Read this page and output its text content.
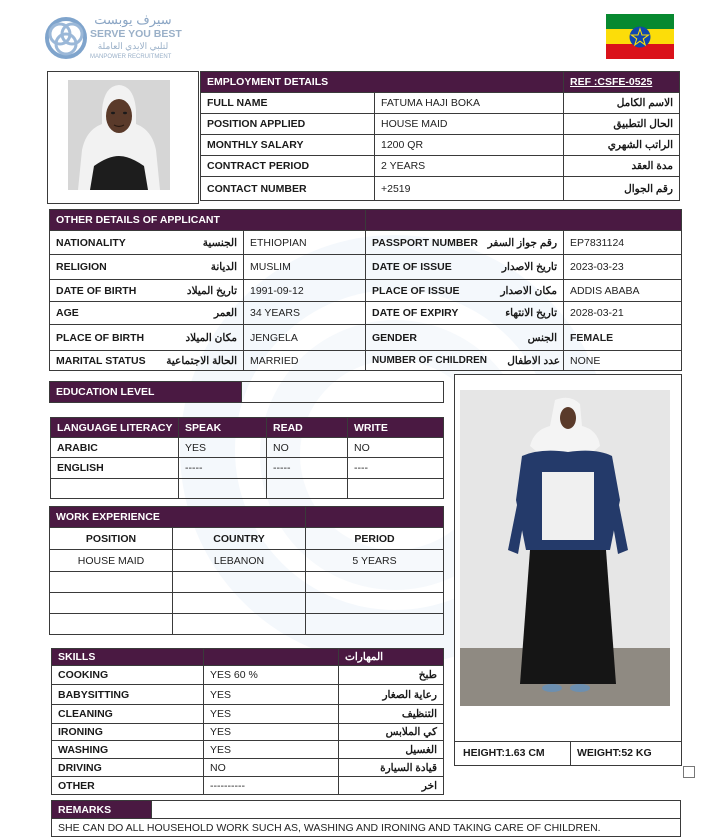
سيرف يوبست
SERVE YOU BEST
لتلبي الايدي العاملة
MANPOWER RECRUITMENT
EMPLOYMENT DETAILS		REF :CSFE-0525
FULL NAME	FATUMA HAJI BOKA	الاسم الكامل
POSITION APPLIED	HOUSE MAID	الحال التطبيق
MONTHLY SALARY	1200 QR	الراتب الشهري
CONTRACT PERIOD	2 YEARS	مدة العقد
CONTACT NUMBER	+2519	رقم الجوال
OTHER DETAILS OF APPLICANT			

NATIONALITY الجنسية	ETHIOPIAN	PASSPORT NUMBER رقم جواز السفر	EP7831124

RELIGION الديانة	MUSLIM	DATE OF ISSUE تاريخ الاصدار	2023-03-23

DATE OF BIRTH تاريخ الميلاد	1991-09-12	PLACE OF ISSUE مكان الاصدار	ADDIS ABABA

AGE العمر	34 YEARS	DATE OF EXPIRY تاريخ الانتهاء	2028-03-21

PLACE OF BIRTH مكان الميلاد	JENGELA	GENDER الجنس	FEMALE

MARITAL STATUS الحالة الاجتماعية	MARRIED	NUMBER OF CHILDREN عدد الاطفال	NONE
EDUCATION LEVEL	
LANGUAGE LITERACY	SPEAK	READ	WRITE
ARABIC	YES	NO	NO
ENGLISH	-----	-----	----

WORK EXPERIENCE		
POSITION	COUNTRY	PERIOD
HOUSE MAID	LEBANON	5 YEARS

SKILLS		المهارات
COOKING	YES 60 %	طبخ
BABYSITTING	YES	رعاية الصغار
CLEANING	YES	التنظيف
IRONING	YES	كي الملابس
WASHING	YES	الغسيل
DRIVING	NO	قيادة السيارة
OTHER	----------	اخر
HEIGHT:1.63 CM	WEIGHT:52 KG
REMARKS	
SHE CAN DO ALL HOUSEHOLD WORK SUCH AS, WASHING AND IRONING AND TAKING CARE OF CHILDREN.
